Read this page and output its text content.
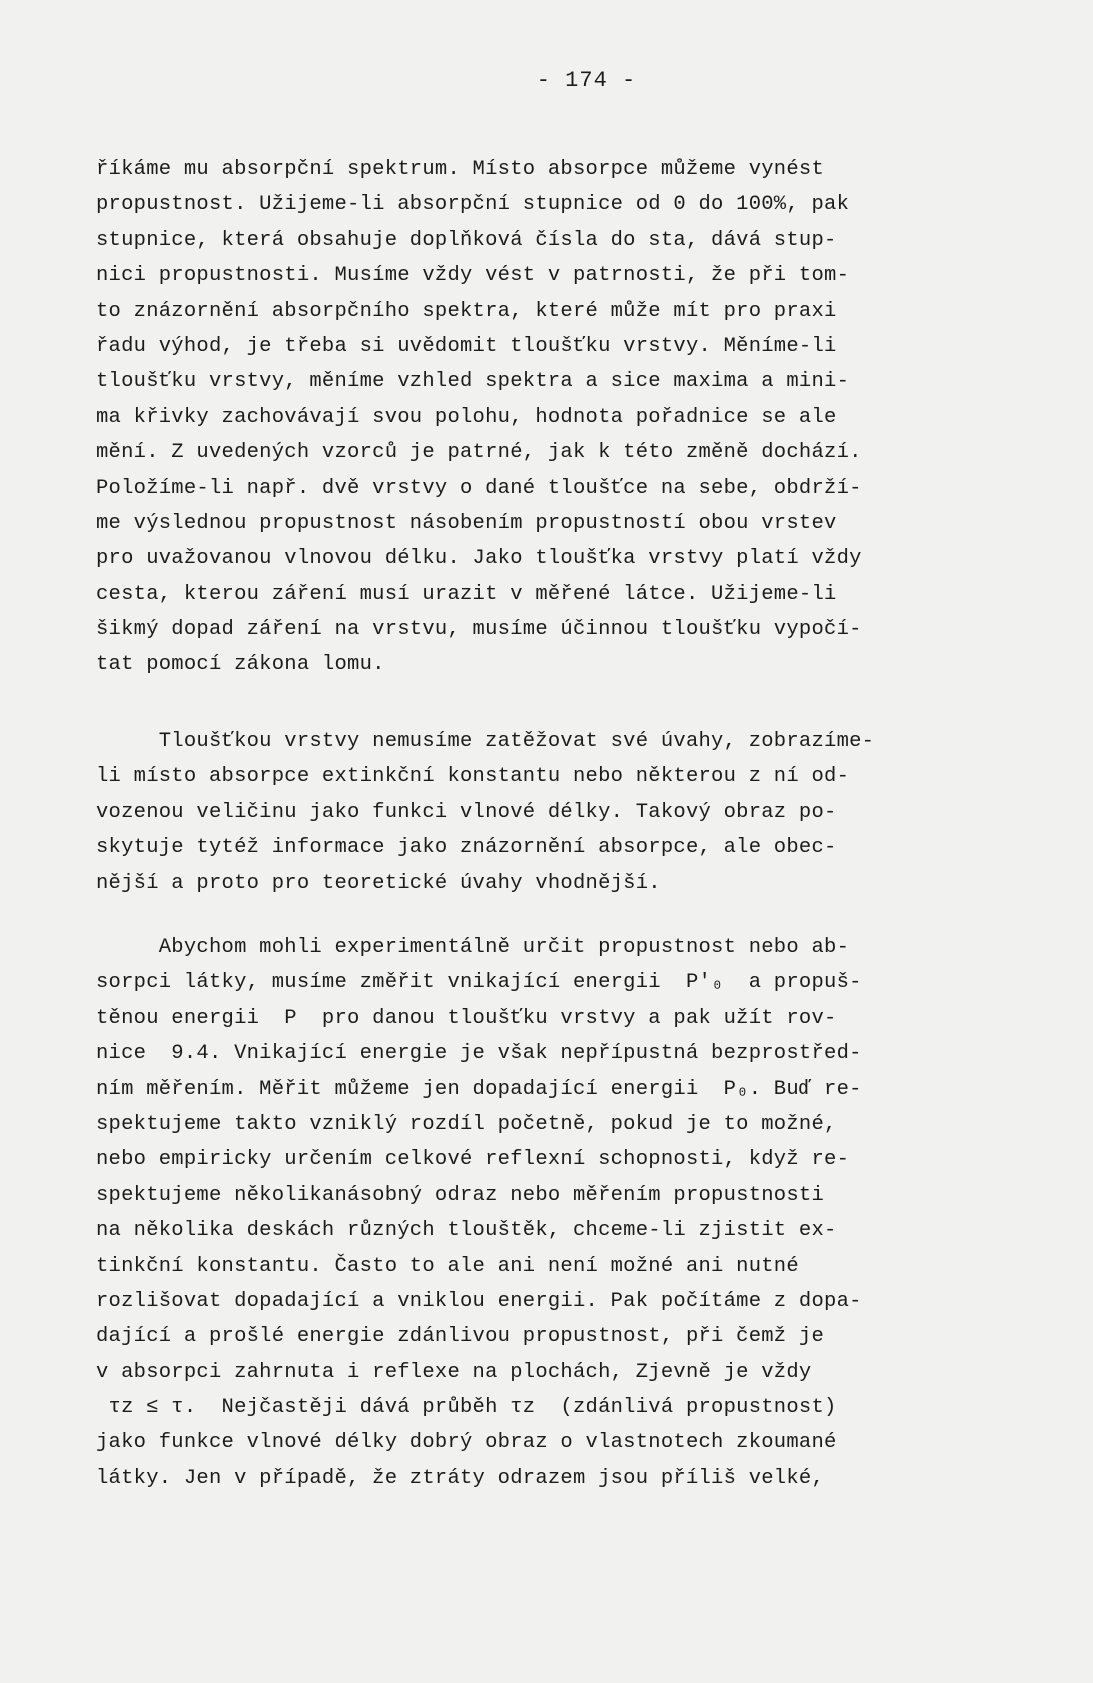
- 174 -
říkáme mu absorpční spektrum. Místo absorpce můžeme vynést
propustnost. Užijeme-li absorpční stupnice od 0 do 100%, pak
stupnice, která obsahuje doplňková čísla do sta, dává stup-
nici propustnosti. Musíme vždy vést v patrnosti, že při tom-
to znázornění absorpčního spektra, které může mít pro praxi
řadu výhod, je třeba si uvědomit tloušťku vrstvy. Měníme-li
tloušťku vrstvy, měníme vzhled spektra a sice maxima a mini-
ma křivky zachovávají svou polohu, hodnota pořadnice se ale
mění. Z uvedených vzorců je patrné, jak k této změně dochází.
Položíme-li např. dvě vrstvy o dané tloušťce na sebe, obdrží-
me výslednou propustnost násobením propustností obou vrstev
pro uvažovanou vlnovou délku. Jako tloušťka vrstvy platí vždy
cesta, kterou záření musí urazit v měřené látce. Užijeme-li
šikmý dopad záření na vrstvu, musíme účinnou tloušťku vypočí-
tat pomocí zákona lomu.
Tloušťkou vrstvy nemusíme zatěžovat své úvahy, zobrazíme-
li místo absorpce extinkční konstantu nebo některou z ní od-
vozenou veličinu jako funkci vlnové délky. Takový obraz po-
skytuje tytéž informace jako znázornění absorpce, ale obec-
nější a proto pro teoretické úvahy vhodnější.
Abychom mohli experimentálně určit propustnost nebo ab-
sorpci látky, musíme změřit vnikající energii  P'₀  a propuš-
těnou energii  P  pro danou tloušťku vrstvy a pak užít rov-
nice  9.4. Vnikající energie je však nepřípustná bezprostřed-
ním měřením. Měřit můžeme jen dopadající energii  P₀. Buď re-
spektujeme takto vzniklý rozdíl početně, pokud je to možné,
nebo empiricky určením celkové reflexní schopnosti, když re-
spektujeme několikanásobný odraz nebo měřením propustnosti
na několika deskách různých tlouštěk, chceme-li zjistit ex-
tinkční konstantu. Často to ale ani není možné ani nutné
rozlišovat dopadající a vniklou energii. Pak počítáme z dopa-
dající a prošlé energie zdánlivou propustnost, při čemž je
v absorpci zahrnuta i reflexe na plochách, Zjevně je vždy
τz ≤ τ.  Nejčastěji dává průběh τz  (zdánlivá propustnost)
jako funkce vlnové délky dobrý obraz o vlastnotech zkoumané
látky. Jen v případě, že ztráty odrazem jsou příliš velké,
